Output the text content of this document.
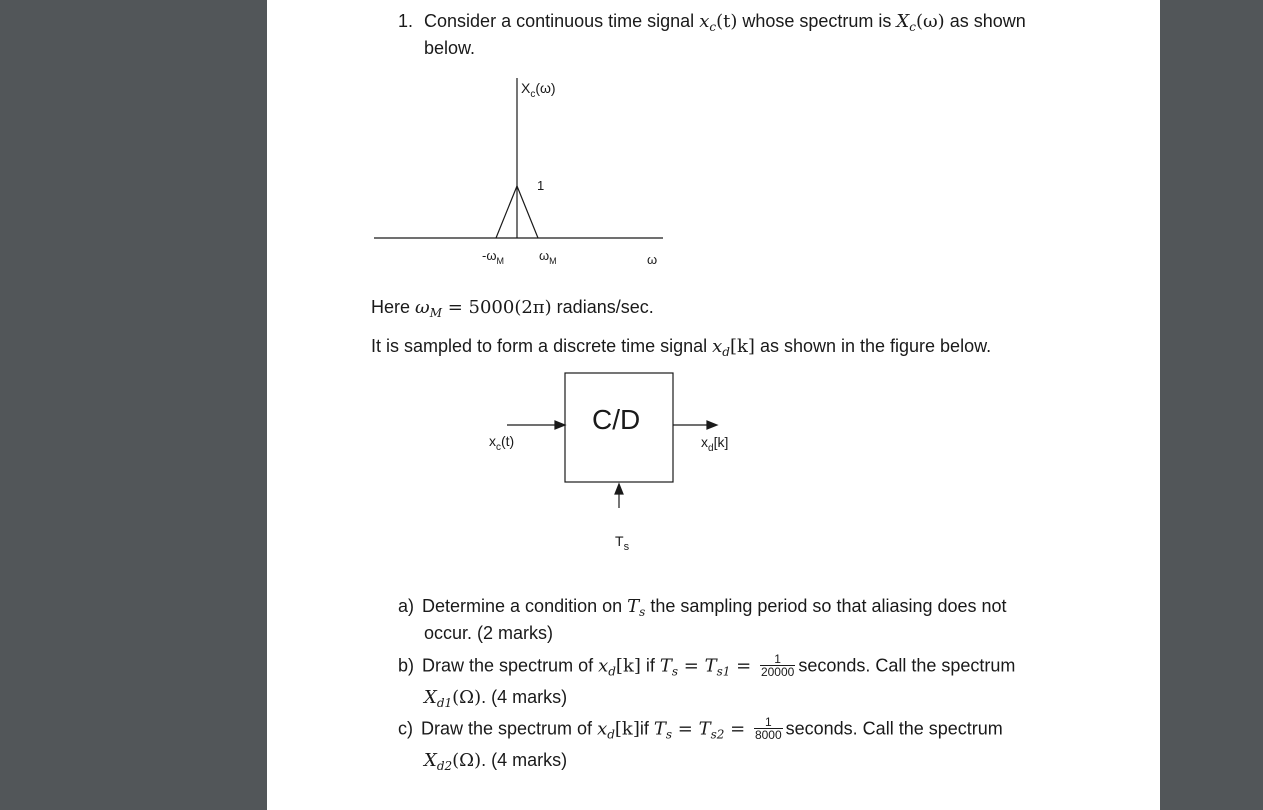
1. Consider a continuous time signal $x_c(t)$ whose spectrum is $X_c(\omega)$ as shown
below.
$X_c(\omega)$
1
$-\omega_M$	$\omega_M$	ω
Here $\omega_M = 5000(2\pi)$ radians/sec.
It is sampled to form a discrete time signal $x_d[k]$ as shown in the figure below.
C/D
$x_c(t)$	$x_d[k]$
$T_s$
a) Determine a condition on $T_s$ the sampling period so that aliasing does not
occur. (2 marks)
b) Draw the spectrum of $x_d[k]$ if $T_s = T_{s1} = \frac{1}{20000}$ seconds. Call the spectrum
$X_{d1}(\Omega)$. (4 marks)
c) Draw the spectrum of $x_d[k]if$ $T_s = T_{s2} = \frac{1}{8000}$ seconds. Call the spectrum
$X_{d2}(\Omega)$. (4 marks)
